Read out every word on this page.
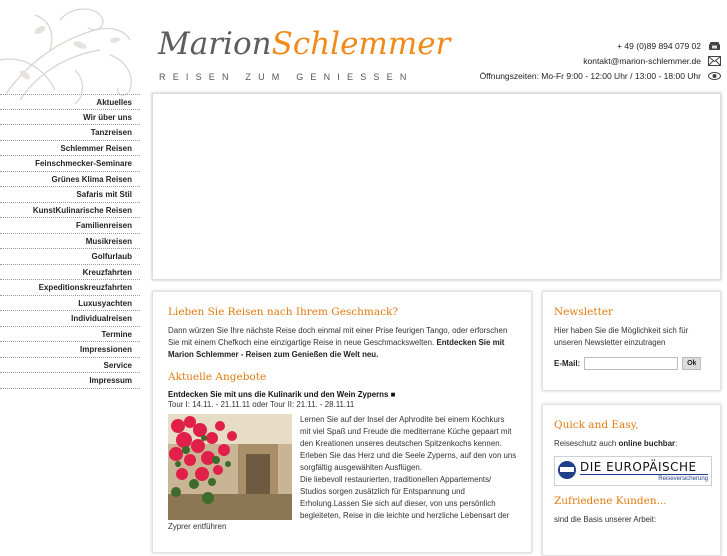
MarionSchlemmer
REISEN ZUM GENIESSEN
+ 49 (0)89 894 079 02
kontakt@marion-schlemmer.de
Öffnungszeiten: Mo-Fr 9:00 - 12:00 Uhr / 13:00 - 18:00 Uhr
Aktuelles
Wir über uns
Tanzreisen
Schlemmer Reisen
Feinschmecker-Seminare
Grünes Klima Reisen
Safaris mit Stil
KunstKulinarische Reisen
Familienreisen
Musikreisen
Golfurlaub
Kreuzfahrten
Expeditionskreuzfahrten
Luxusyachten
Individualreisen
Termine
Impressionen
Service
Impressum
Lieben Sie Reisen nach Ihrem Geschmack?
Dann würzen Sie Ihre nächste Reise doch einmal mit einer Prise feurigen Tango, oder erforschen Sie mit einem Chefkoch eine einzigartige Reise in neue Geschmackswelten. Entdecken Sie mit Marion Schlemmer - Reisen zum Genießen die Welt neu.
Aktuelle Angebote
Entdecken Sie mit uns die Kulinarik und den Wein Zyperns ■
Tour I: 14.11. - 21.11.11 oder Tour II: 21.11. - 28.11.11
Lernen Sie auf der Insel der Aphrodite bei einem Kochkurs mit viel Spaß und Freude die mediterrane Küche gepaart mit den Kreationen unseres deutschen Spitzenkochs kennen. Erleben Sie das Herz und die Seele Zyperns, auf den von uns sorgfältig ausgewählten Ausflügen.
Die liebevoll restaurierten, traditionellen Appartements/ Studios sorgen zusätzlich für Entspannung und Erholung.Lassen Sie sich auf dieser, von uns persönlich begleiteten, Reise in die leichte und herzliche Lebensart der
Zyprer entführen
Newsletter
Hier haben Sie die Möglichkeit sich für unseren Newsletter einzutragen
E-Mail:	Ok
Quick and Easy,
Reiseschutz auch online buchbar:
DIE EUROPÄISCHE
Reiseversicherung
Zufriedene Kunden...
sind die Basis unserer Arbeit:
